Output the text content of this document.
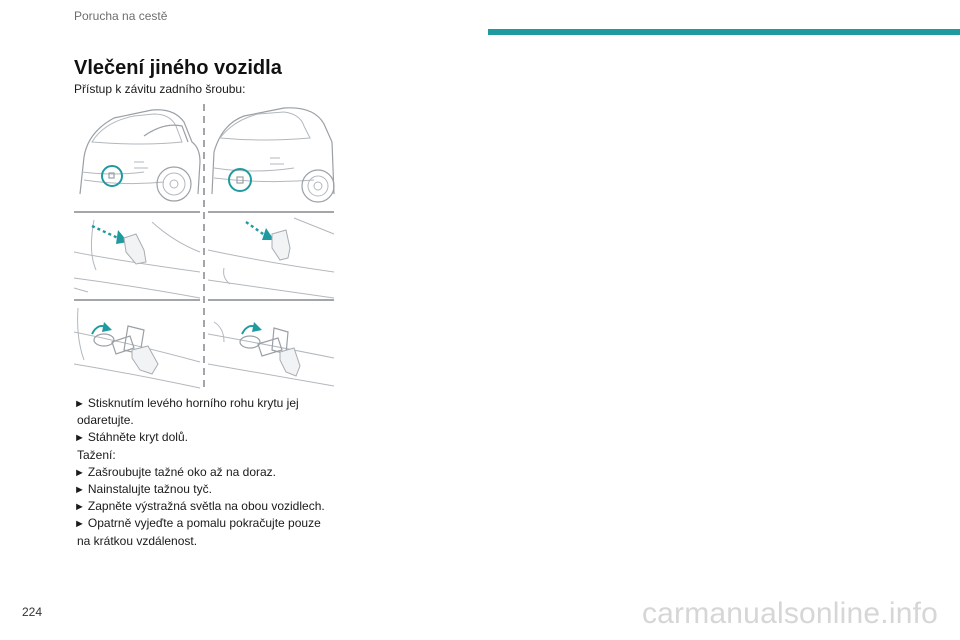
Porucha na cestě
Vlečení jiného vozidla
Přístup k závitu zadního šroubu:
► Stisknutím levého horního rohu krytu jej
odaretujte.
► Stáhněte kryt dolů.
Tažení:
► Zašroubujte tažné oko až na doraz.
► Nainstalujte tažnou tyč.
► Zapněte výstražná světla na obou vozidlech.
► Opatrně vyjeďte a pomalu pokračujte pouze
na krátkou vzdálenost.
224	carmanualsonline.info
